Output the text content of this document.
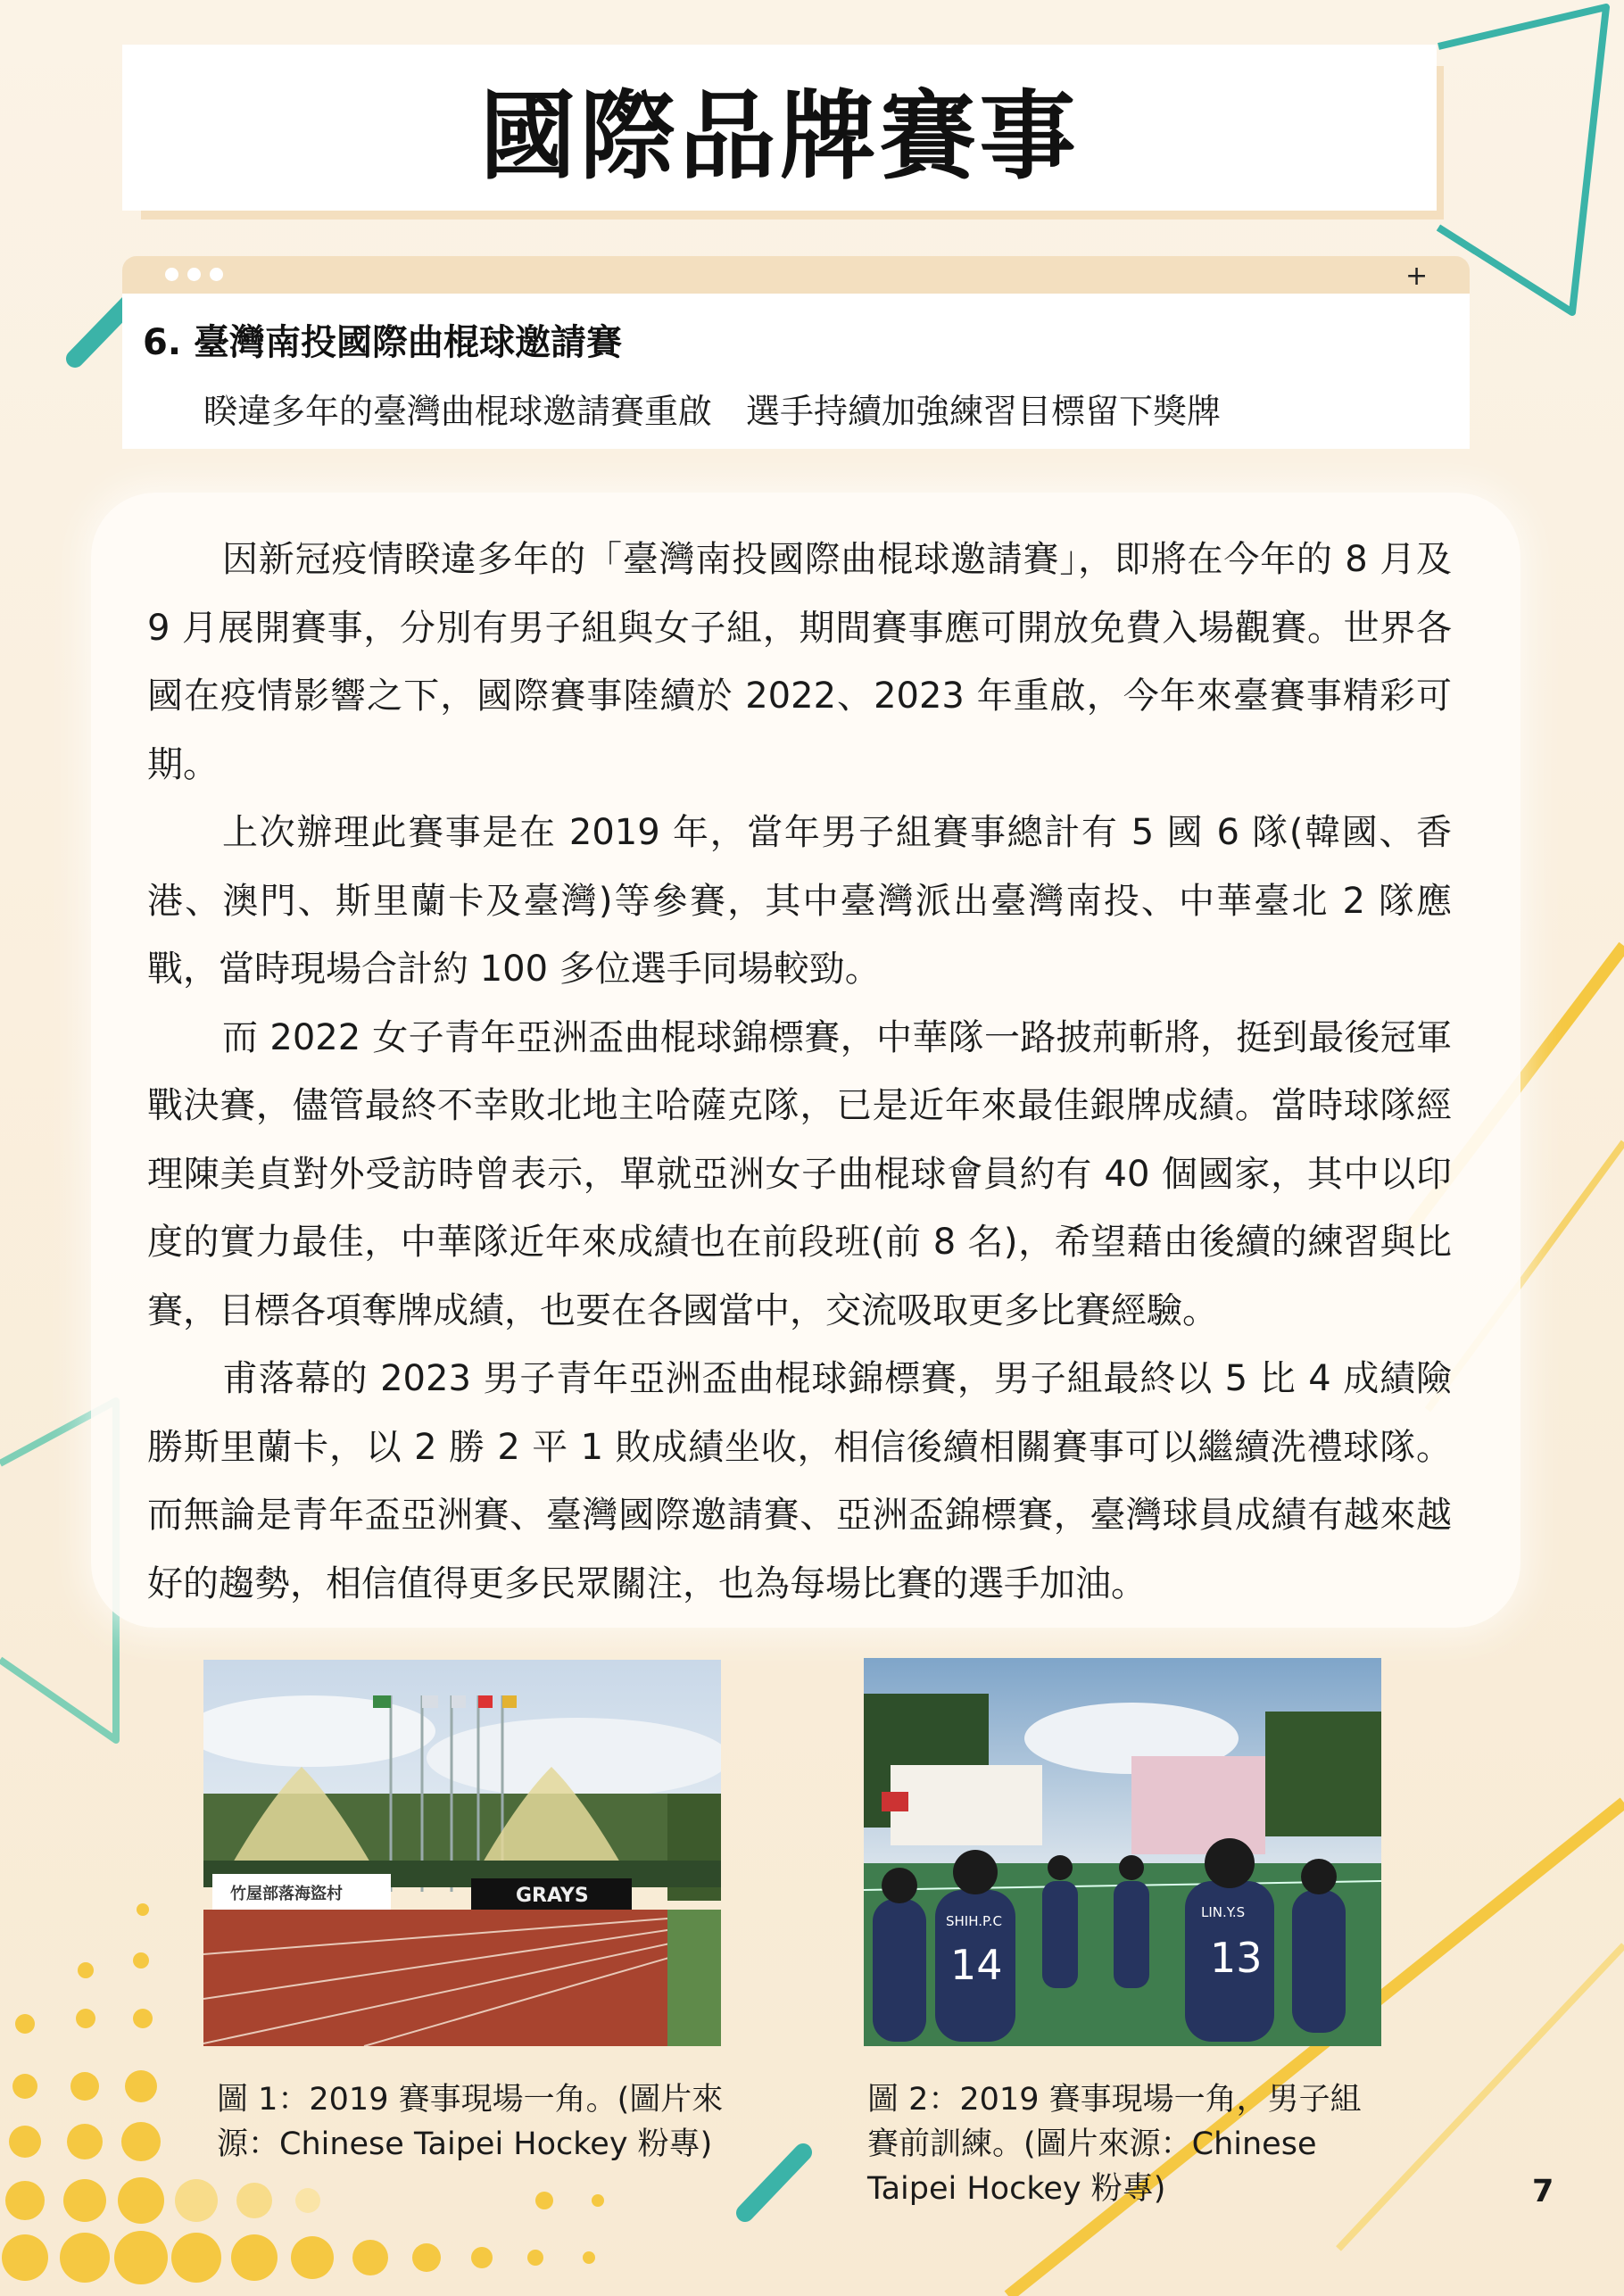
國際品牌賽事
+
6. 臺灣南投國際曲棍球邀請賽
睽違多年的臺灣曲棍球邀請賽重啟　選手持續加強練習目標留下獎牌

因新冠疫情睽違多年的「臺灣南投國際曲棍球邀請賽」，即將在今年的 8 月及 9 月展開賽事，分別有男子組與女子組，期間賽事應可開放免費入場觀賽。世界各國在疫情影響之下，國際賽事陸續於 2022、2023 年重啟，今年來臺賽事精彩可期。

上次辦理此賽事是在 2019 年，當年男子組賽事總計有 5 國 6 隊(韓國、香港、澳門、斯里蘭卡及臺灣)等參賽，其中臺灣派出臺灣南投、中華臺北 2 隊應戰，當時現場合計約 100 多位選手同場較勁。

而 2022 女子青年亞洲盃曲棍球錦標賽，中華隊一路披荊斬將，挺到最後冠軍戰決賽，儘管最終不幸敗北地主哈薩克隊，已是近年來最佳銀牌成績。當時球隊經理陳美貞對外受訪時曾表示，單就亞洲女子曲棍球會員約有 40 個國家，其中以印度的實力最佳，中華隊近年來成績也在前段班(前 8 名)，希望藉由後續的練習與比賽，目標各項奪牌成績，也要在各國當中，交流吸取更多比賽經驗。

甫落幕的 2023 男子青年亞洲盃曲棍球錦標賽，男子組最終以 5 比 4 成績險勝斯里蘭卡，以 2 勝 2 平 1 敗成績坐收，相信後續相關賽事可以繼續洗禮球隊。而無論是青年盃亞洲賽、臺灣國際邀請賽、亞洲盃錦標賽，臺灣球員成績有越來越好的趨勢，相信值得更多民眾關注，也為每場比賽的選手加油。

竹屋部落海盜村	GRAYS
圖 1：2019 賽事現場一角。(圖片來
源：Chinese Taipei Hockey 粉專)
SHIH.P.C
14
LIN.Y.S
13
圖 2：2019 賽事現場一角，男子組
賽前訓練。(圖片來源：Chinese
Taipei Hockey 粉專)	7
